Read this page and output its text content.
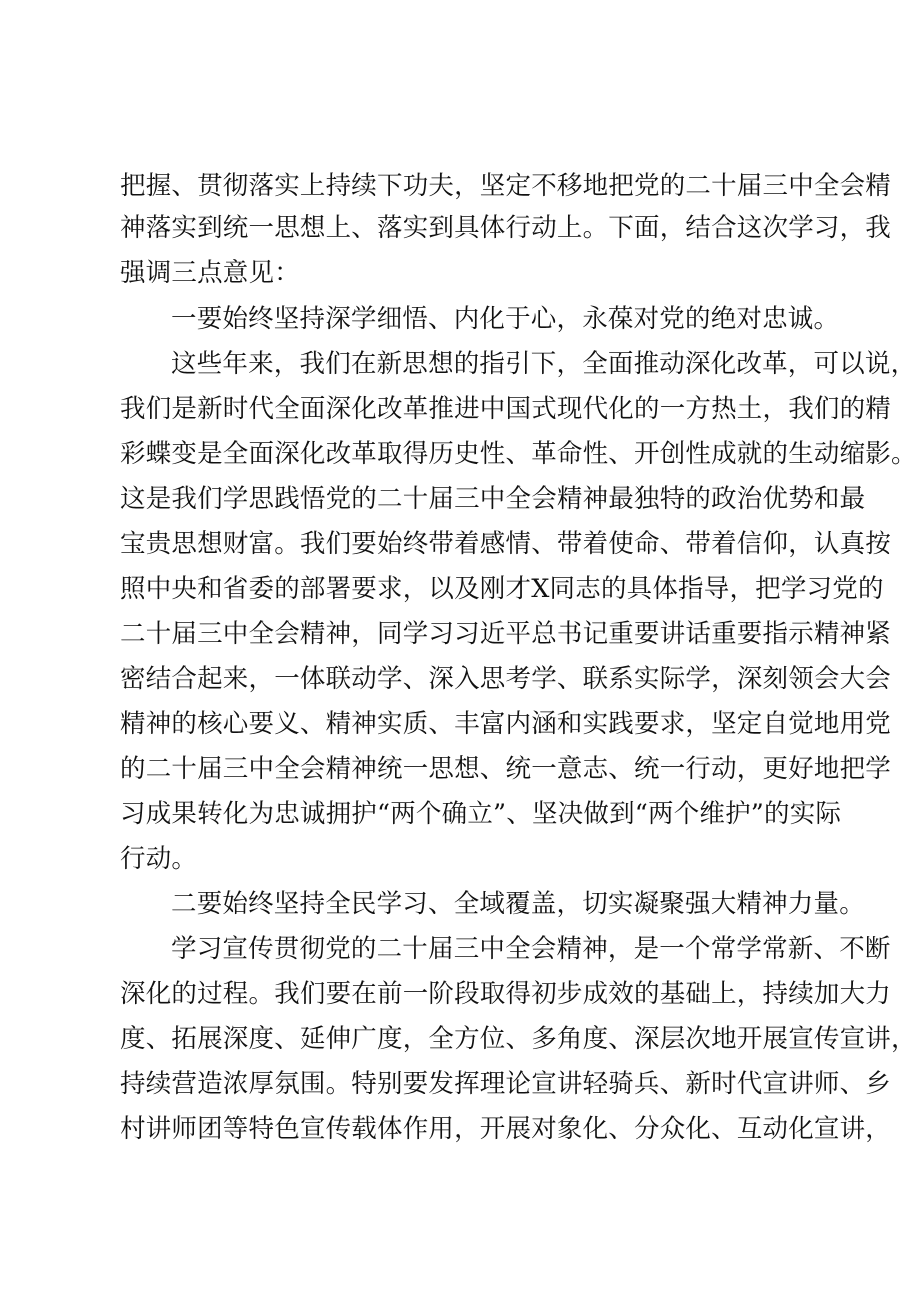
把握、贯彻落实上持续下功夫，坚定不移地把党的二十届三中全会精
神落实到统一思想上、落实到具体行动上。下面，结合这次学习，我
强调三点意见：
一要始终坚持深学细悟、内化于心，永葆对党的绝对忠诚。
这些年来，我们在新思想的指引下，全面推动深化改革，可以说，
我们是新时代全面深化改革推进中国式现代化的一方热土，我们的精
彩蝶变是全面深化改革取得历史性、革命性、开创性成就的生动缩影。
这是我们学思践悟党的二十届三中全会精神最独特的政治优势和最
宝贵思想财富。我们要始终带着感情、带着使命、带着信仰，认真按
照中央和省委的部署要求，以及刚才X同志的具体指导，把学习党的
二十届三中全会精神，同学习习近平总书记重要讲话重要指示精神紧
密结合起来，一体联动学、深入思考学、联系实际学，深刻领会大会
精神的核心要义、精神实质、丰富内涵和实践要求，坚定自觉地用党
的二十届三中全会精神统一思想、统一意志、统一行动，更好地把学
习成果转化为忠诚拥护“两个确立”、坚决做到“两个维护”的实际
行动。
二要始终坚持全民学习、全域覆盖，切实凝聚强大精神力量。
学习宣传贯彻党的二十届三中全会精神，是一个常学常新、不断
深化的过程。我们要在前一阶段取得初步成效的基础上，持续加大力
度、拓展深度、延伸广度，全方位、多角度、深层次地开展宣传宣讲，
持续营造浓厚氛围。特别要发挥理论宣讲轻骑兵、新时代宣讲师、乡
村讲师团等特色宣传载体作用，开展对象化、分众化、互动化宣讲，
